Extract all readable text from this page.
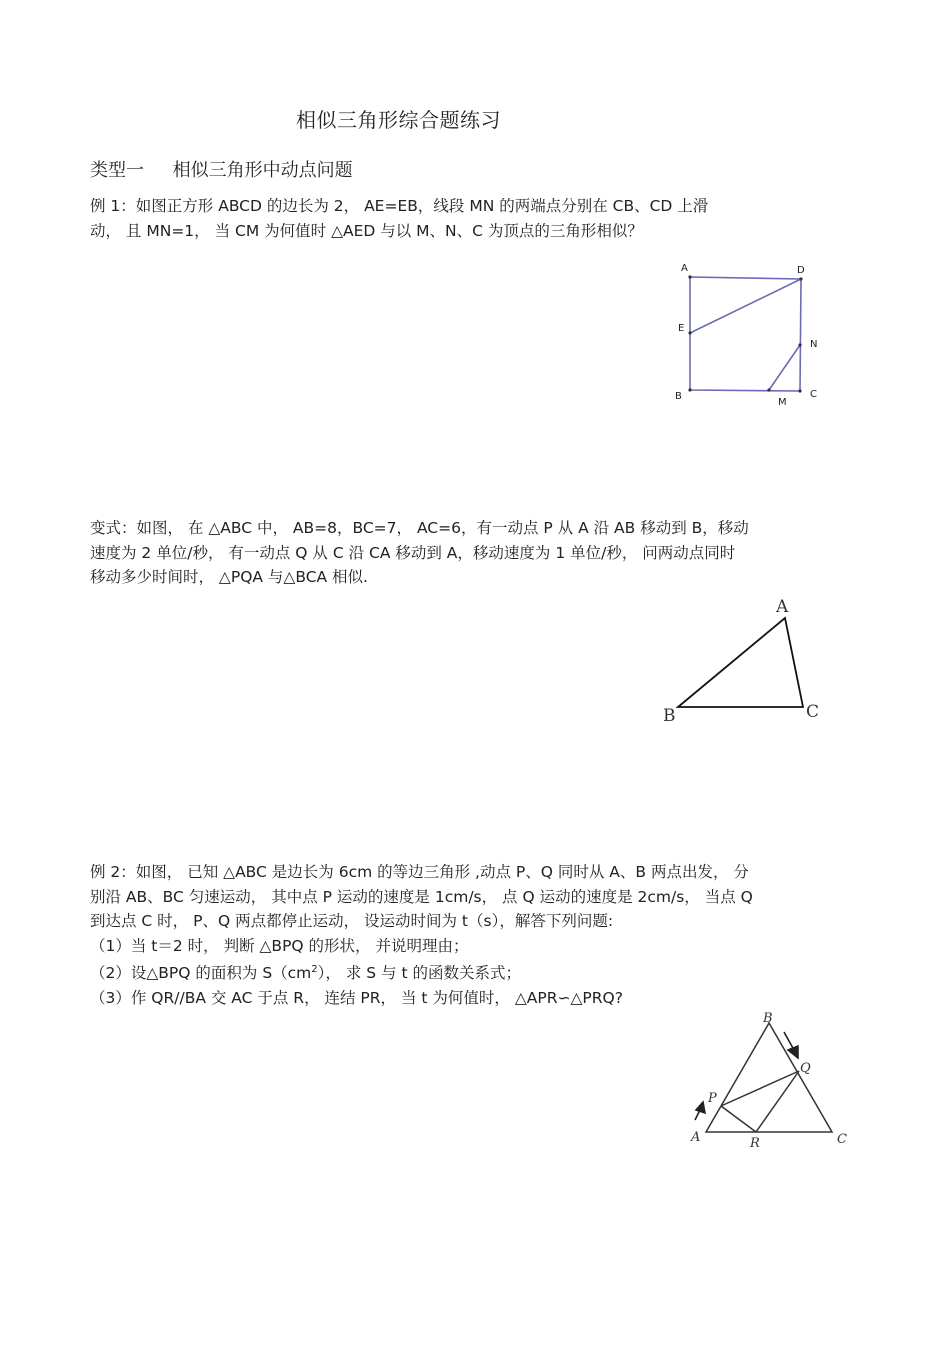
相似三角形综合题练习
类型一     相似三角形中动点问题
例 1：如图正方形 ABCD 的边长为 2， AE=EB，线段 MN 的两端点分别在 CB、CD 上滑
动， 且 MN=1， 当 CM 为何值时 △AED 与以 M、N、C 为顶点的三角形相似？
A	D
E
N
B
M
C
变式：如图， 在 △ABC 中， AB=8，BC=7， AC=6，有一动点 P 从 A 沿 AB 移动到 B，移动
速度为 2 单位/秒， 有一动点 Q 从 C 沿 CA 移动到 A，移动速度为 1 单位/秒， 问两动点同时
移动多少时间时， △PQA 与△BCA 相似.
A
B	C
例 2：如图， 已知 △ABC 是边长为 6cm 的等边三角形 ,动点 P、Q 同时从 A、B 两点出发， 分
别沿 AB、BC 匀速运动， 其中点 P 运动的速度是 1cm/s， 点 Q 运动的速度是 2cm/s， 当点 Q
到达点 C 时， P、Q 两点都停止运动， 设运动时间为 t（s），解答下列问题:
（1）当 t＝2 时， 判断 △BPQ 的形状， 并说明理由；
（2）设△BPQ 的面积为 $S(cm^2)$， 求 S 与 t 的函数关系式；
（3）作 QR//BA 交 AC 于点 R， 连结 PR， 当 t 为何值时， △APR∽△PRQ?
B
Q
P
A	R	C
